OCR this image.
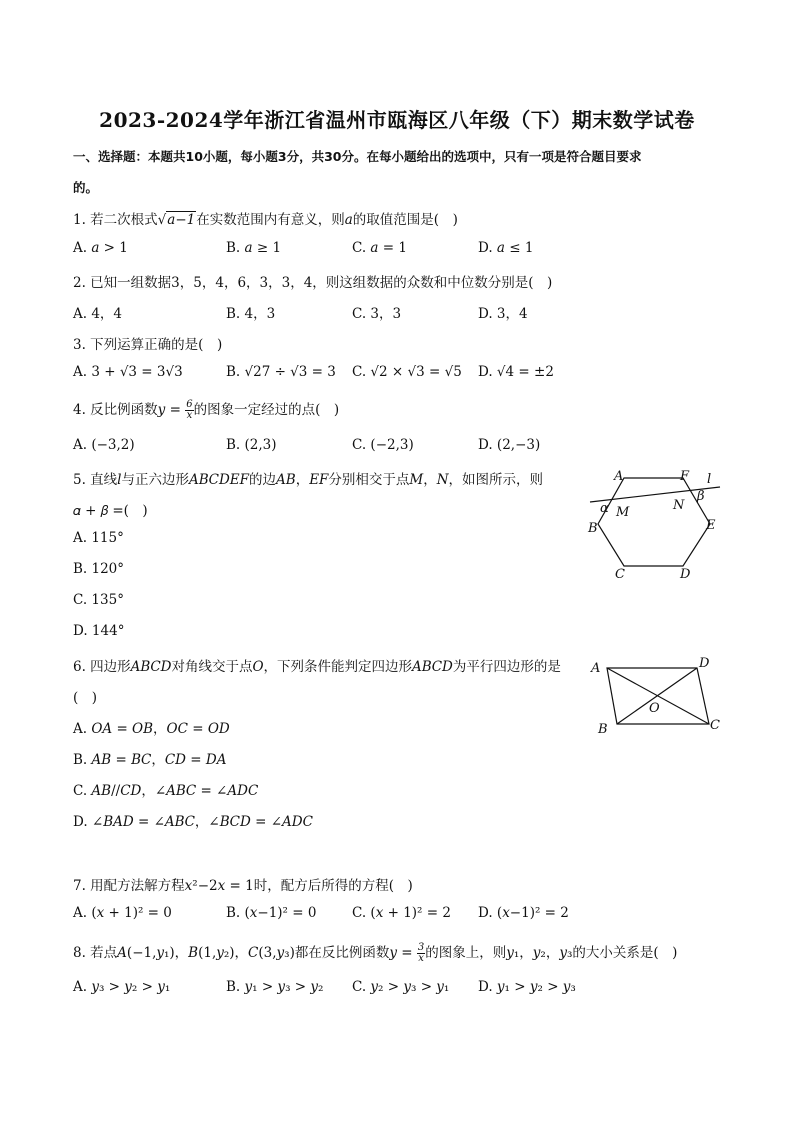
2023-2024学年浙江省温州市瓯海区八年级（下）期末数学试卷
一、选择题：本题共10小题，每小题3分，共30分。在每小题给出的选项中，只有一项是符合题目要求
的。
1. 若二次根式√a−1在实数范围内有意义，则a的取值范围是(　)
A. 𝑎 > 1	B. 𝑎 ≥ 1	C. 𝑎 = 1	D. 𝑎 ≤ 1
2. 已知一组数据3，5，4，6，3，3，4，则这组数据的众数和中位数分别是(　)
A. 4，4	B. 4，3	C. 3，3	D. 3，4
3. 下列运算正确的是(　)
A. 3 + √3 = 3√3	B. √27 ÷ √3 = 3 C. √2 × √3 = √5 D. √4 = ±2
4. 反比例函数$y = \frac{6}{x}$ 的图象一定经过的点(　)
A. (−3,2)	B. (2,3)	C. (−2,3)	D. (2,−3)
5. 直线𝑙与正六边形𝐴𝐵𝐶𝐷𝐸𝐹的边𝐴𝐵，𝐸𝐹分别相交于点𝑀，𝑁，如图所示，则
𝛼 + 𝛽 =(　)
A. 115°
B. 120°
C. 135°
D. 144°
A	F l
α M	N
β
B	E
C	D
6. 四边形𝐴𝐵𝐶𝐷对角线交于点𝑂，下列条件能判定四边形𝐴𝐵𝐶𝐷为平行四边形的是
(　)
A. 𝑂𝐴 = 𝑂𝐵，𝑂𝐶 = 𝑂𝐷
B. 𝐴𝐵 = 𝐵𝐶，𝐶𝐷 = 𝐷𝐴
C. 𝐴𝐵//𝐶𝐷，∠𝐴𝐵𝐶 = ∠𝐴𝐷𝐶
D. ∠𝐵𝐴𝐷 = ∠𝐴𝐵𝐶，∠𝐵𝐶𝐷 = ∠𝐴𝐷𝐶
A	D
O
B	C
7. 用配方法解方程𝑥²−2𝑥 = 1时，配方后所得的方程(　)
A. (𝑥 + 1)² = 0	B. (𝑥−1)² = 0	C. (𝑥 + 1)² = 2 D. (𝑥−1)² = 2
8. 若点𝐴(−1,𝑦₁)，𝐵(1,𝑦₂)，𝐶(3,𝑦₃)都在反比例函数𝑦 = $\frac{3}{x}$ 的图象上，则𝑦₁，𝑦₂，𝑦₃的大小关系是(　)
A. 𝑦₃ > 𝑦₂ > 𝑦₁	B. 𝑦₁ > 𝑦₃ > 𝑦₂ C. 𝑦₂ > 𝑦₃ > 𝑦₁ D. 𝑦₁ > 𝑦₂ > 𝑦₃
